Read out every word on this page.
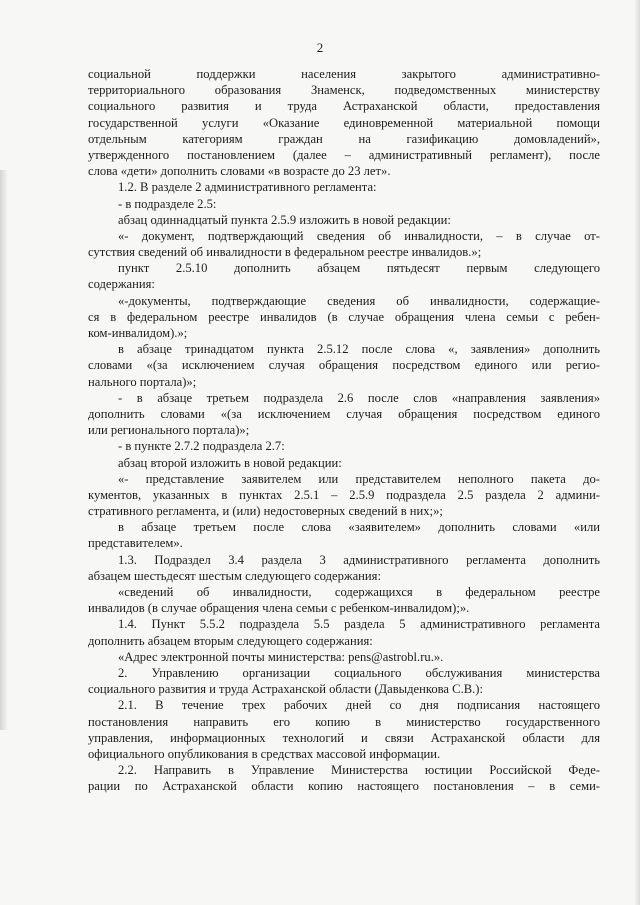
2
социальной поддержки населения закрытого административно-
территориального образования Знаменск, подведомственных министерству
социального развития и труда Астраханской области, предоставления
государственной услуги «Оказание единовременной материальной помощи
отдельным категориям граждан на газификацию домовладений»,
утвержденного постановлением (далее – административный регламент), после
слова «дети» дополнить словами «в возрасте до 23 лет».
1.2. В разделе 2 административного регламента:
- в подразделе 2.5:
абзац одиннадцатый пункта 2.5.9 изложить в новой редакции:
«- документ, подтверждающий сведения об инвалидности, – в случае от-
сутствия сведений об инвалидности в федеральном реестре инвалидов.»;
пункт 2.5.10 дополнить абзацем пятьдесят первым следующего
содержания:
«-документы, подтверждающие сведения об инвалидности, содержащие-
ся в федеральном реестре инвалидов (в случае обращения члена семьи с ребен-
ком-инвалидом).»;
в абзаце тринадцатом пункта 2.5.12 после слова «, заявления» дополнить
словами «(за исключением случая обращения посредством единого или регио-
нального портала)»;
- в абзаце третьем подраздела 2.6 после слов «направления заявления»
дополнить словами «(за исключением случая обращения посредством единого
или регионального портала)»;
- в пункте 2.7.2 подраздела 2.7:
абзац второй изложить в новой редакции:
«- представление заявителем или представителем неполного пакета до-
кументов, указанных в пунктах 2.5.1 – 2.5.9 подраздела 2.5 раздела 2 админи-
стративного регламента, и (или) недостоверных сведений в них;»;
в абзаце третьем после слова «заявителем» дополнить словами «или
представителем».
1.3. Подраздел 3.4 раздела 3 административного регламента дополнить
абзацем шестьдесят шестым следующего содержания:
«сведений об инвалидности, содержащихся в федеральном реестре
инвалидов (в случае обращения члена семьи с ребенком-инвалидом);».
1.4. Пункт 5.5.2 подраздела 5.5 раздела 5 административного регламента
дополнить абзацем вторым следующего содержания:
«Адрес электронной почты министерства: pens@astrobl.ru.».
2. Управлению организации социального обслуживания министерства
социального развития и труда Астраханской области (Давыденкова С.В.):
2.1. В течение трех рабочих дней со дня подписания настоящего
постановления направить его копию в министерство государственного
управления, информационных технологий и связи Астраханской области для
официального опубликования в средствах массовой информации.
2.2. Направить в Управление Министерства юстиции Российской Феде-
рации по Астраханской области копию настоящего постановления – в семи-
